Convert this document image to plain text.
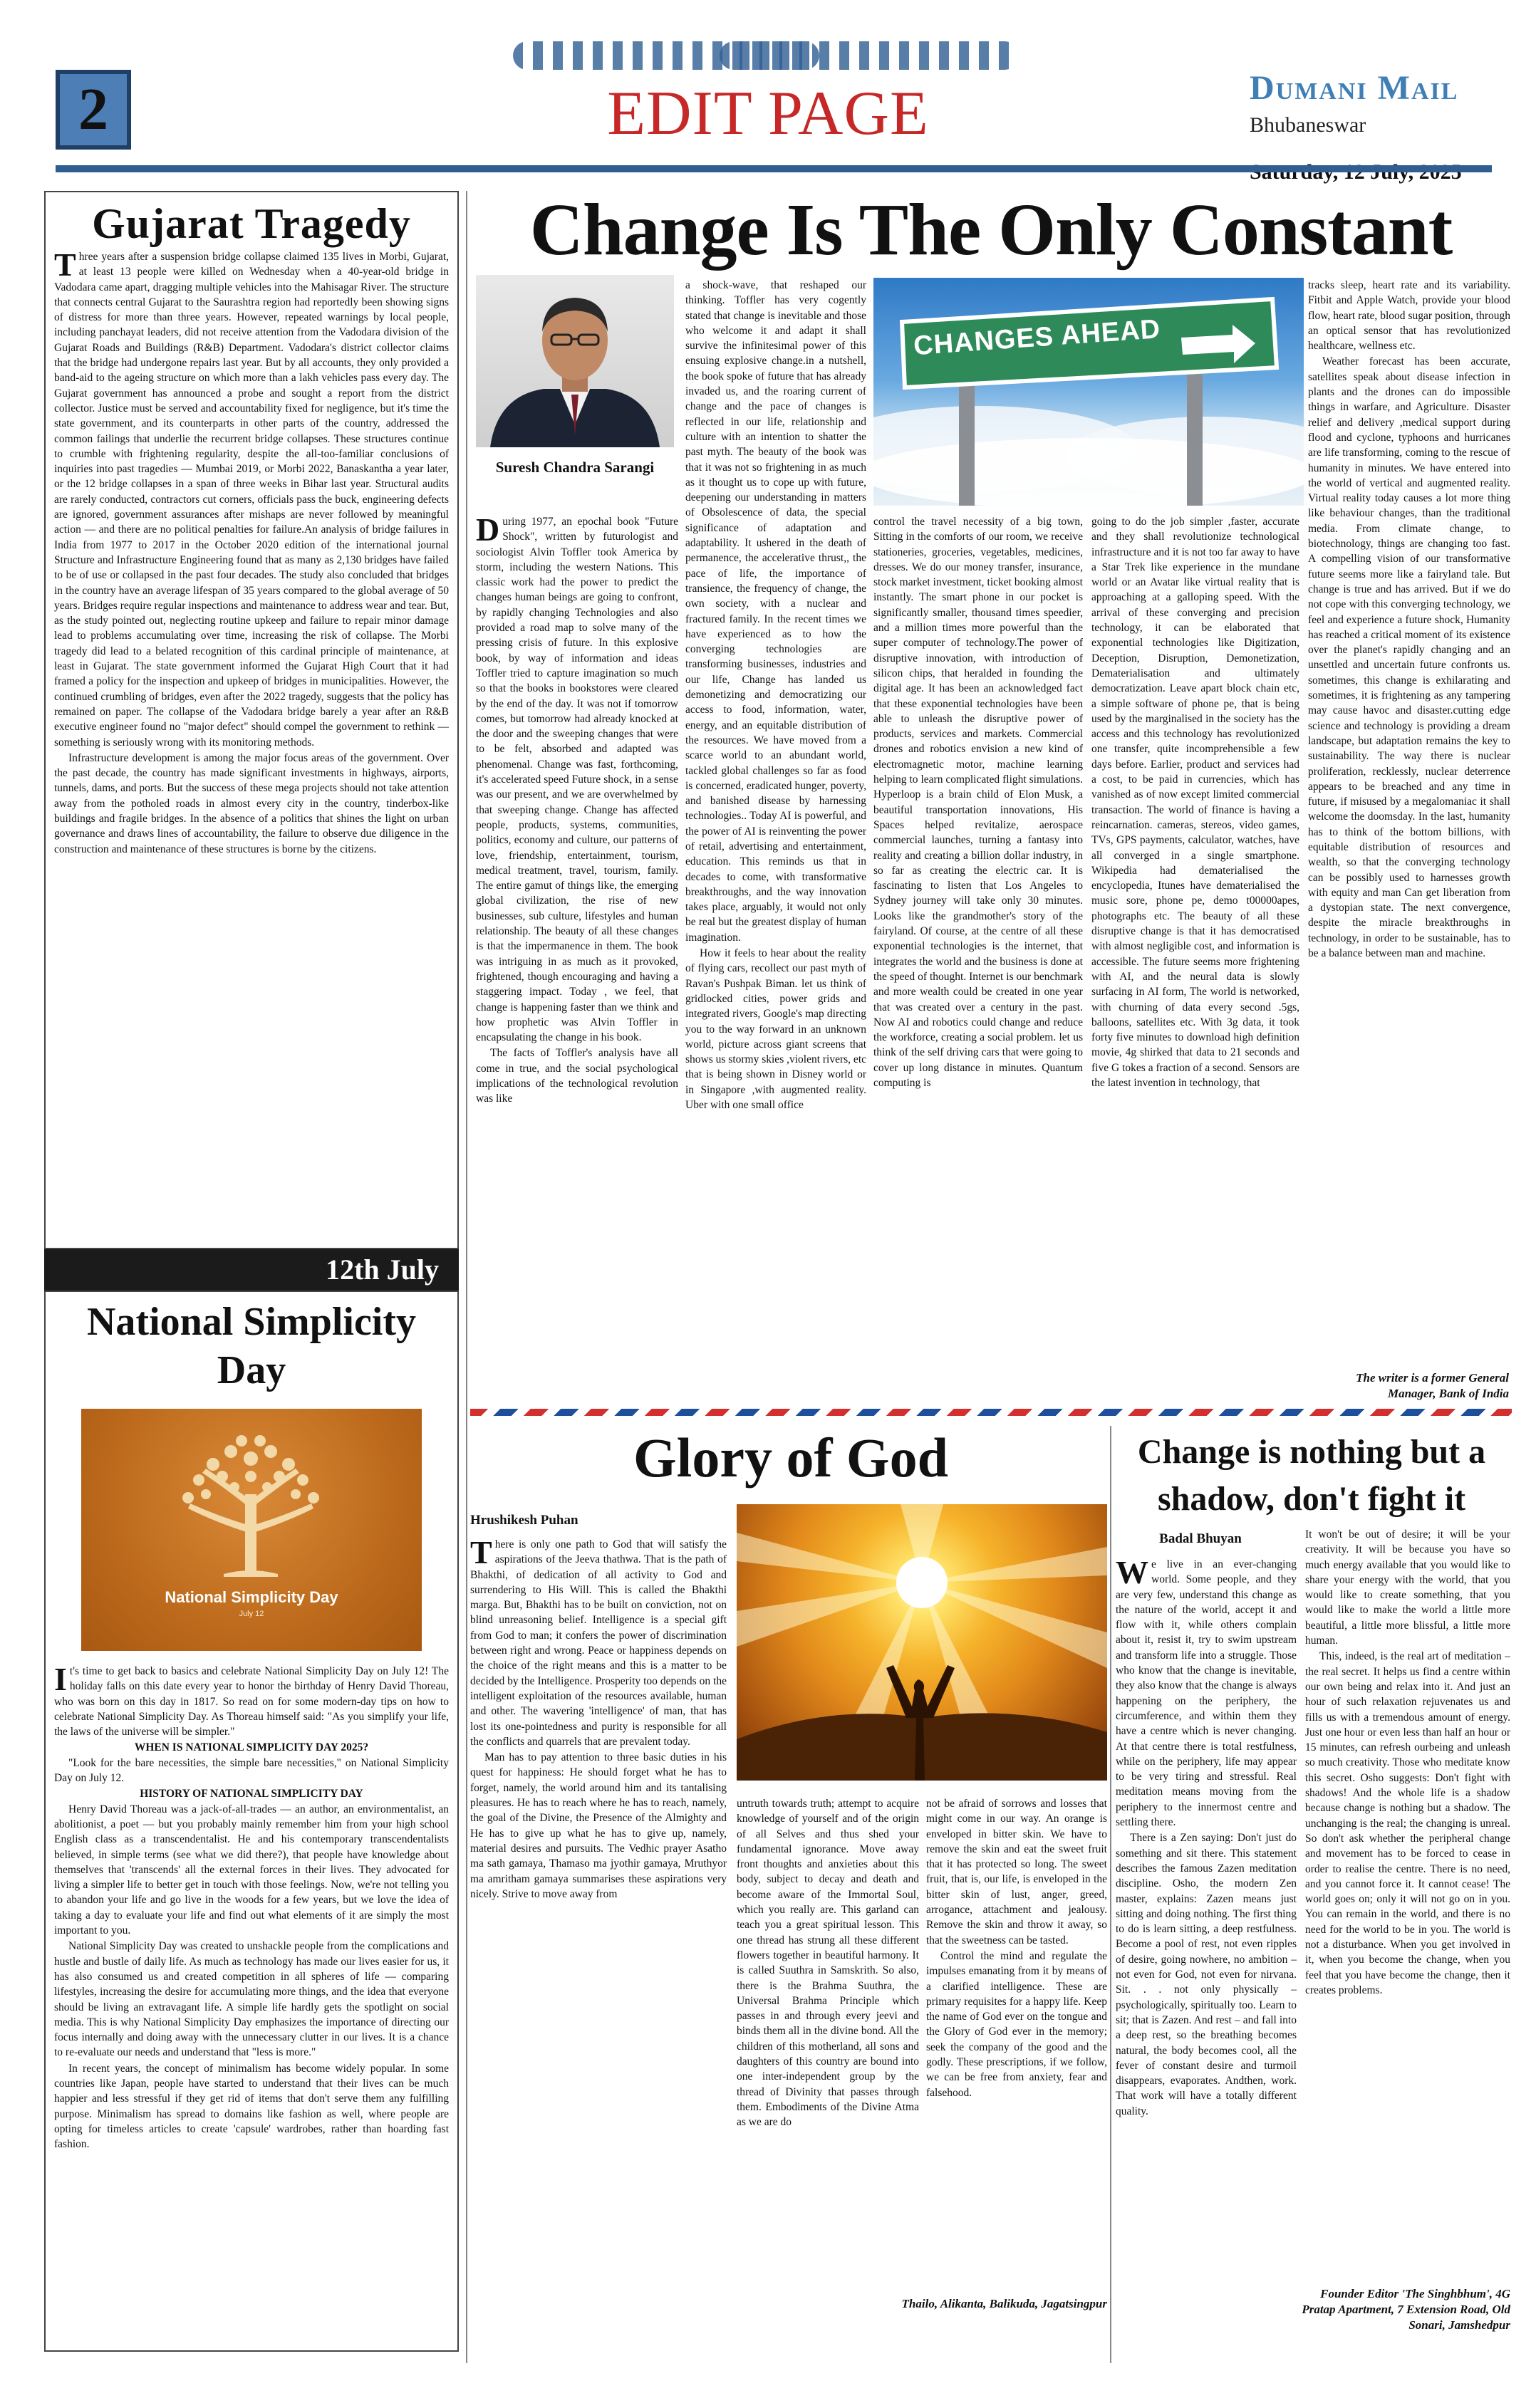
2	EDIT PAGE	Dumani Mail
Bhubaneswar
Gujarat Tragedy
Three years after a suspension bridge collapse claimed 135 lives in Morbi, Gujarat, at least 13 people were killed on Wednesday when a 40-year-old bridge in Vadodara came apart, dragging multiple vehicles into the Mahisagar River. The structure that connects central Gujarat to the Saurashtra region had reportedly been showing signs of distress for more than three years. However, repeated warnings by local people, including panchayat leaders, did not receive attention from the Vadodara division of the Gujarat Roads and Buildings (R&B) Department. Vadodara's district collector claims that the bridge had undergone repairs last year. But by all accounts, they only provided a band-aid to the ageing structure on which more than a lakh vehicles pass every day. The Gujarat government has announced a probe and sought a report from the district collector. Justice must be served and accountability fixed for negligence, but it's time the state government, and its counterparts in other parts of the country, addressed the common failings that underlie the recurrent bridge collapses. These structures continue to crumble with frightening regularity, despite the all-too-familiar conclusions of inquiries into past tragedies — Mumbai 2019, or Morbi 2022, Banaskantha a year later, or the 12 bridge collapses in a span of three weeks in Bihar last year. Structural audits are rarely conducted, contractors cut corners, officials pass the buck, engineering defects are ignored, government assurances after mishaps are never followed by meaningful action — and there are no political penalties for failure.An analysis of bridge failures in India from 1977 to 2017 in the October 2020 edition of the international journal Structure and Infrastructure Engineering found that as many as 2,130 bridges have failed to be of use or collapsed in the past four decades. The study also concluded that bridges in the country have an average lifespan of 35 years compared to the global average of 50 years. Bridges require regular inspections and maintenance to address wear and tear. But, as the study pointed out, neglecting routine upkeep and failure to repair minor damage lead to problems accumulating over time, increasing the risk of collapse. The Morbi tragedy did lead to a belated recognition of this cardinal principle of maintenance, at least in Gujarat. The state government informed the Gujarat High Court that it had framed a policy for the inspection and upkeep of bridges in municipalities. However, the continued crumbling of bridges, even after the 2022 tragedy, suggests that the policy has remained on paper. The collapse of the Vadodara bridge barely a year after an R&B executive engineer found no "major defect" should compel the government to rethink — something is seriously wrong with its monitoring methods.
Infrastructure development is among the major focus areas of the government. Over the past decade, the country has made significant investments in highways, airports, tunnels, dams, and ports. But the success of these mega projects should not take attention away from the potholed roads in almost every city in the country, tinderbox-like buildings and fragile bridges. In the absence of a politics that shines the light on urban governance and draws lines of accountability, the failure to observe due diligence in the construction and maintenance of these structures is borne by the citizens.
12th July
National Simplicity Day
National Simplicity Day
July 12
It's time to get back to basics and celebrate National Simplicity Day on July 12! The holiday falls on this date every year to honor the birthday of Henry David Thoreau, who was born on this day in 1817. So read on for some modern-day tips on how to celebrate National Simplicity Day. As Thoreau himself said: "As you simplify your life, the laws of the universe will be simpler."
WHEN IS NATIONAL SIMPLICITY DAY 2025?
"Look for the bare necessities, the simple bare necessities," on National Simplicity Day on July 12.
HISTORY OF NATIONAL SIMPLICITY DAY
Henry David Thoreau was a jack-of-all-trades — an author, an environmentalist, an abolitionist, a poet — but you probably mainly remember him from your high school English class as a transcendentalist. He and his contemporary transcendentalists believed, in simple terms (see what we did there?), that people have knowledge about themselves that 'transcends' all the external forces in their lives. They advocated for living a simpler life to better get in touch with those feelings. Now, we're not telling you to abandon your life and go live in the woods for a few years, but we love the idea of taking a day to evaluate your life and find out what elements of it are simply the most important to you.
National Simplicity Day was created to unshackle people from the complications and hustle and bustle of daily life. As much as technology has made our lives easier for us, it has also consumed us and created competition in all spheres of life — comparing lifestyles, increasing the desire for accumulating more things, and the idea that everyone should be living an extravagant life. A simple life hardly gets the spotlight on social media. This is why National Simplicity Day emphasizes the importance of directing our focus internally and doing away with the unnecessary clutter in our lives. It is a chance to re-evaluate our needs and understand that "less is more."
In recent years, the concept of minimalism has become widely popular. In some countries like Japan, people have started to understand that their lives can be much happier and less stressful if they get rid of items that don't serve them any fulfilling purpose. Minimalism has spread to domains like fashion as well, where people are opting for timeless articles to create 'capsule' wardrobes, rather than hoarding fast fashion.
Change Is The Only Constant
Suresh Chandra Sarangi
During 1977, an epochal book "Future Shock", written by futurologist and sociologist Alvin Toffler took America by storm, including the western Nations. This classic work had the power to predict the changes human beings are going to confront, by rapidly changing Technologies and also provided a road map to solve many of the pressing crisis of future. In this explosive book, by way of information and ideas Toffler tried to capture imagination so much so that the books in bookstores were cleared by the end of the day. It was not if tomorrow comes, but tomorrow had already knocked at the door and the sweeping changes that were to be felt, absorbed and adapted was phenomenal. Change was fast, forthcoming, it's accelerated speed Future shock, in a sense was our present, and we are overwhelmed by that sweeping change. Change has affected people, products, systems, communities, politics, economy and culture, our patterns of love, friendship, entertainment, tourism, medical treatment, travel, tourism, family. The entire gamut of things like, the emerging global civilization, the rise of new businesses, sub culture, lifestyles and human relationship. The beauty of all these changes is that the impermanence in them. The book was intriguing in as much as it provoked, frightened, though encouraging and having a staggering impact. Today , we feel, that change is happening faster than we think and how prophetic was Alvin Toffler in encapsulating the change in his book.
The facts of Toffler's analysis have all come in true, and the social psychological implications of the technological revolution was like
a shock-wave, that reshaped our thinking. Toffler has very cogently stated that change is inevitable and those who welcome it and adapt it shall survive the infinitesimal power of this ensuing explosive change.in a nutshell, the book spoke of future that has already invaded us, and the roaring current of change and the pace of changes is reflected in our life, relationship and culture with an intention to shatter the past myth. The beauty of the book was that it was not so frightening in as much as it thought us to cope up with future, deepening our understanding in matters of Obsolescence of data, the special significance of adaptation and adaptability. It ushered in the death of permanence, the accelerative thrust,, the pace of life, the importance of transience, the frequency of change, the own society, with a nuclear and fractured family. In the recent times we have experienced as to how the converging technologies are transforming businesses, industries and our life, Change has landed us demonetizing and democratizing our access to food, information, water, energy, and an equitable distribution of the resources. We have moved from a scarce world to an abundant world, tackled global challenges so far as food is concerned, eradicated hunger, poverty, and banished disease by harnessing technologies.. Today AI is powerful, and the power of AI is reinventing the power of retail, advertising and entertainment, education. This reminds us that in decades to come, with transformative breakthroughs, and the way innovation takes place, arguably, it would not only be real but the greatest display of human imagination.
How it feels to hear about the reality of flying cars, recollect our past myth of Ravan's Pushpak Biman. let us think of gridlocked cities, power grids and integrated rivers, Google's map directing you to the way forward in an unknown world, picture across giant screens that shows us stormy skies ,violent rivers, etc that is being shown in Disney world or in Singapore ,with augmented reality. Uber with one small office
CHANGES AHEAD
control the travel necessity of a big town, Sitting in the comforts of our room, we receive stationeries, groceries, vegetables, medicines, dresses. We do our money transfer, insurance, stock market investment, ticket booking almost instantly. The smart phone in our pocket is significantly smaller, thousand times speedier, and a million times more powerful than the super computer of technology.The power of disruptive innovation, with introduction of silicon chips, that heralded in founding the digital age. It has been an acknowledged fact that these exponential technologies have been able to unleash the disruptive power of products, services and markets. Commercial drones and robotics envision a new kind of electromagnetic motor, machine learning helping to learn complicated flight simulations. Hyperloop is a brain child of Elon Musk, a beautiful transportation innovations, His Spaces helped revitalize, aerospace commercial launches, turning a fantasy into reality and creating a billion dollar industry, in so far as creating the electric car. It is fascinating to listen that Los Angeles to Sydney journey will take only 30 minutes. Looks like the grandmother's story of the fairyland. Of course, at the centre of all these exponential technologies is the internet, that integrates the world and the business is done at the speed of thought. Internet is our benchmark and more wealth could be created in one year that was created over a century in the past. Now AI and robotics could change and reduce the workforce, creating a social problem. let us think of the self driving cars that were going to cover up long distance in minutes. Quantum computing is
going to do the job simpler ,faster, accurate and they shall revolutionize technological infrastructure and it is not too far away to have a Star Trek like experience in the mundane world or an Avatar like virtual reality that is approaching at a galloping speed. With the arrival of these converging and precision technology, it can be elaborated that exponential technologies like Digitization, Deception, Disruption, Demonetization, Dematerialisation and ultimately democratization. Leave apart block chain etc, a simple software of phone pe, that is being used by the marginalised in the society has the access and this technology has revolutionized one transfer, quite incomprehensible a few days before. Earlier, product and services had a cost, to be paid in currencies, which has vanished as of now except limited commercial transaction. The world of finance is having a reincarnation. cameras, stereos, video games, TVs, GPS payments, calculator, watches, have all converged in a single smartphone. Wikipedia had dematerialised the encyclopedia, Itunes have dematerialised the music sore, phone pe, demo t00000apes, photographs etc. The beauty of all these disruptive change is that it has democratised with almost negligible cost, and information is accessible. The future seems more frightening with AI, and the neural data is slowly surfacing in AI form, The world is networked, with churning of data every second .5gs, balloons, satellites etc. With 3g data, it took forty five minutes to download high definition movie, 4g shirked that data to 21 seconds and five G tokes a fraction of a second. Sensors are the latest invention in technology, that
tracks sleep, heart rate and its variability. Fitbit and Apple Watch, provide your blood flow, heart rate, blood sugar position, through an optical sensor that has revolutionized healthcare, wellness etc.
Weather forecast has been accurate, satellites speak about disease infection in plants and the drones can do impossible things in warfare, and Agriculture. Disaster relief and delivery ,medical support during flood and cyclone, typhoons and hurricanes are life transforming, coming to the rescue of humanity in minutes. We have entered into the world of vertical and augmented reality. Virtual reality today causes a lot more thing like behaviour changes, than the traditional media. From climate change, to biotechnology, things are changing too fast. A compelling vision of our transformative future seems more like a fairyland tale. But change is true and has arrived. But if we do not cope with this converging technology, we feel and experience a future shock, Humanity has reached a critical moment of its existence over the planet's rapidly changing and an unsettled and uncertain future confronts us. sometimes, this change is exhilarating and sometimes, it is frightening as any tampering may cause havoc and disaster.cutting edge science and technology is providing a dream landscape, but adaptation remains the key to sustainability. The way there is nuclear proliferation, recklessly, nuclear deterrence appears to be breached and any time in future, if misused by a megalomaniac it shall welcome the doomsday. In the last, humanity has to think of the bottom billions, with equitable distribution of resources and wealth, so that the converging technology can be possibly used to harnesses growth with equity and man Can get liberation from a dystopian state. The next convergence, despite the miracle breakthroughs in technology, in order to be sustainable, has to be a balance between man and machine.
The writer is a former General Manager, Bank of India
Glory of God
Hrushikesh Puhan
There is only one path to God that will satisfy the aspirations of the Jeeva thathwa. That is the path of Bhakthi, of dedication of all activity to God and surrendering to His Will. This is called the Bhakthi marga. But, Bhakthi has to be built on conviction, not on blind unreasoning belief. Intelligence is a special gift from God to man; it confers the power of discrimination between right and wrong. Peace or happiness depends on the choice of the right means and this is a matter to be decided by the Intelligence. Prosperity too depends on the intelligent exploitation of the resources available, human and other. The wavering 'intelligence' of man, that has lost its one-pointedness and purity is responsible for all the conflicts and quarrels that are prevalent today.
Man has to pay attention to three basic duties in his quest for happiness: He should forget what he has to forget, namely, the world around him and its tantalising pleasures. He has to reach where he has to reach, namely, the goal of the Divine, the Presence of the Almighty and He has to give up what he has to give up, namely, material desires and pursuits. The Vedhic prayer Asatho ma sath gamaya, Thamaso ma jyothir gamaya, Mruthyor ma amritham gamaya summarises these aspirations very nicely. Strive to move away from
untruth towards truth; attempt to acquire knowledge of yourself and of the origin of all Selves and thus shed your fundamental ignorance. Move away front thoughts and anxieties about this body, subject to decay and death and become aware of the Immortal Soul, which you really are. This garland can teach you a great spiritual lesson. This one thread has strung all these different flowers together in beautiful harmony. It is called Suuthra in Samskrith. So also, there is the Brahma Suuthra, the Universal Brahma Principle which passes in and through every jeevi and binds them all in the divine bond. All the children of this motherland, all sons and daughters of this country are bound into one inter-independent group by the thread of Divinity that passes through them. Embodiments of the Divine Atma as we are do
not be afraid of sorrows and losses that might come in our way. An orange is enveloped in bitter skin. We have to remove the skin and eat the sweet fruit that it has protected so long. The sweet fruit, that is, our life, is enveloped in the bitter skin of lust, anger, greed, arrogance, attachment and jealousy. Remove the skin and throw it away, so that the sweetness can be tasted.
Control the mind and regulate the impulses emanating from it by means of a clarified intelligence. These are primary requisites for a happy life. Keep the name of God ever on the tongue and the Glory of God ever in the memory; seek the company of the good and the godly. These prescriptions, if we follow, we can be free from anxiety, fear and falsehood.
Thailo, Alikanta, Balikuda, Jagatsingpur
Change is nothing but a shadow, don't fight it
Badal Bhuyan
We live in an ever-changing world. Some people, and they are very few, understand this change as the nature of the world, accept it and flow with it, while others complain about it, resist it, try to swim upstream and transform life into a struggle. Those who know that the change is inevitable, they also know that the change is always happening on the periphery, the circumference, and within them they have a centre which is never changing. At that centre there is total restfulness, while on the periphery, life may appear to be very tiring and stressful. Real meditation means moving from the periphery to the innermost centre and settling there.
There is a Zen saying: Don't just do something and sit there. This statement describes the famous Zazen meditation discipline. Osho, the modern Zen master, explains: Zazen means just sitting and doing nothing. The first thing to do is learn sitting, a deep restfulness. Become a pool of rest, not even ripples of desire, going nowhere, no ambition – not even for God, not even for nirvana. Sit. . . not only physically – psychologically, spiritually too. Learn to sit; that is Zazen. And rest – and fall into a deep rest, so the breathing becomes natural, the body becomes cool, all the fever of constant desire and turmoil disappears, evaporates. Andthen, work. That work will have a totally different quality.
It won't be out of desire; it will be your creativity. It will be because you have so much energy available that you would like to share your energy with the world, that you would like to create something, that you would like to make the world a little more beautiful, a little more blissful, a little more human.
This, indeed, is the real art of meditation – the real secret. It helps us find a centre within our own being and relax into it. And just an hour of such relaxation rejuvenates us and fills us with a tremendous amount of energy. Just one hour or even less than half an hour or 15 minutes, can refresh ourbeing and unleash so much creativity. Those who meditate know this secret. Osho suggests: Don't fight with shadows! And the whole life is a shadow because change is nothing but a shadow. The unchanging is the real; the changing is unreal. So don't ask whether the peripheral change and movement has to be forced to cease in order to realise the centre. There is no need, and you cannot force it. It cannot cease! The world goes on; only it will not go on in you. You can remain in the world, and there is no need for the world to be in you. The world is not a disturbance. When you get involved in it, when you become the change, when you feel that you have become the change, then it creates problems.
Founder Editor 'The Singhbhum', 4G Pratap Apartment, 7 Extension Road, Old Sonari, Jamshedpur
